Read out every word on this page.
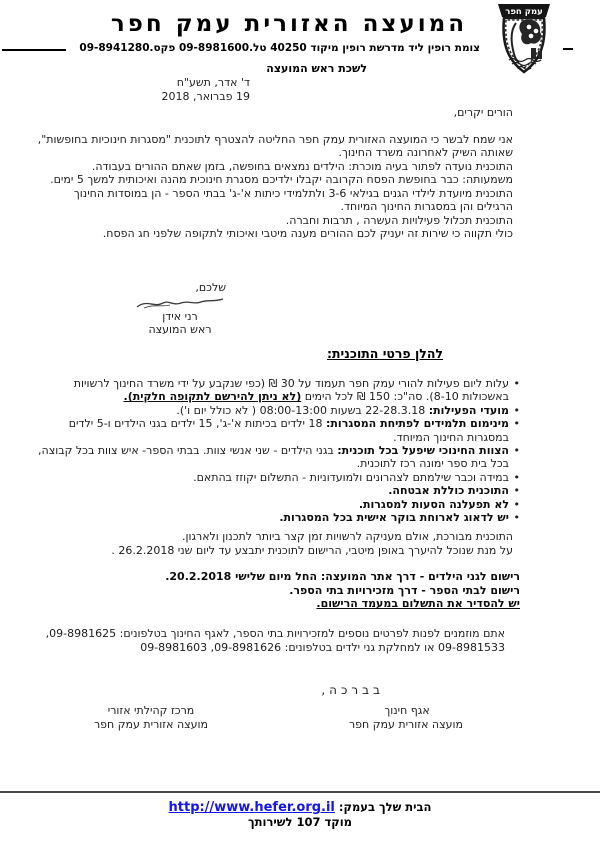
עמק חפר
המועצה האזורית עמק חפר
צומת רופין ליד מדרשת רופין מיקוד 40250 טל.09-8981600 פקס.09-8941280
לשכת ראש המועצה
ד' אדר, תשע"ח
19 פברואר, 2018

הורים יקרים,

אני שמח לבשר כי המועצה האזורית עמק חפר החליטה להצטרף לתוכנית "מסגרות חינוכיות בחופשות", שאותה השיק לאחרונה משרד החינוך.

התוכנית נועדה לפתור בעיה מוכרת: הילדים נמצאים בחופשה, בזמן שאתם ההורים בעבודה.

משמעותה: כבר בחופשת הפסח הקרובה יקבלו ילדיכם מסגרת חינוכית מהנה ואיכותית למשך 5 ימים.

התוכנית מיועדת לילדי הגנים בגילאי 3-6 ולתלמידי כיתות א'-ג' בבתי הספר - הן במוסדות החינוך הרגילים והן במסגרות החינוך המיוחד.

התוכנית תכלול פעילויות העשרה , תרבות וחברה.

כולי תקווה כי שירות זה יעניק לכם ההורים מענה מיטבי ואיכותי לתקופה שלפני חג הפסח.

שלכם,

רני אידן
ראש המועצה
להלן פרטי התוכנית:
•
עלות ליום פעילות להורי עמק חפר תעמוד על 30 ₪ (כפי שנקבע על ידי משרד החינוך לרשויות באשכולות 8-10). סה"כ: 150 ₪ לכל הימים (לא ניתן להירשם לתקופה חלקית).
•
מועדי הפעילות: 22-28.3.18 בשעות 08:00-13:00 ( לא כולל יום ו').
•
מינימום תלמידים לפתיחת המסגרות: 18 ילדים בכיתות א'-ג', 15 ילדים בגני הילדים ו-5 ילדים במסגרות החינוך המיוחד.
•
הצוות החינוכי שיפעל בכל תוכנית: בגני הילדים - שני אנשי צוות. בבתי הספר- איש צוות בכל קבוצה, בכל בית ספר ימונה רכז לתוכנית.
•
במידה וכבר שילמתם לצהרונים ולמועדוניות - התשלום יקוזז בהתאם.
•
התוכנית כוללת אבטחה.
•
לא תפעלנה הסעות למסגרות.
•
יש לדאוג לארוחת בוקר אישית בכל המסגרות.

התוכנית מבורכת, אולם מעניקה לרשויות זמן קצר ביותר לתכנון ולארגון.

על מנת שנוכל להיערך באופן מיטבי, הרישום לתוכנית יתבצע עד ליום שני 26.2.2018 .

רישום לגני הילדים - דרך אתר המועצה: החל מיום שלישי 20.2.2018.

רישום לבתי הספר - דרך מזכירויות בתי הספר.

יש להסדיר את התשלום במעמד הרישום.

אתם מוזמנים לפנות לפרטים נוספים למזכירויות בתי הספר, לאגף החינוך בטלפונים: 09-8981625, 09-8981533 או למחלקת גני ילדים בטלפונים: 09-8981626, 09-8981603
בברכה,
אגף חינוך
מועצה אזורית עמק חפר
מרכז קהילתי אזורי
מועצה אזורית עמק חפר
הבית שלך בעמק: http://www.hefer.org.il
מוקד 107 לשירותך
